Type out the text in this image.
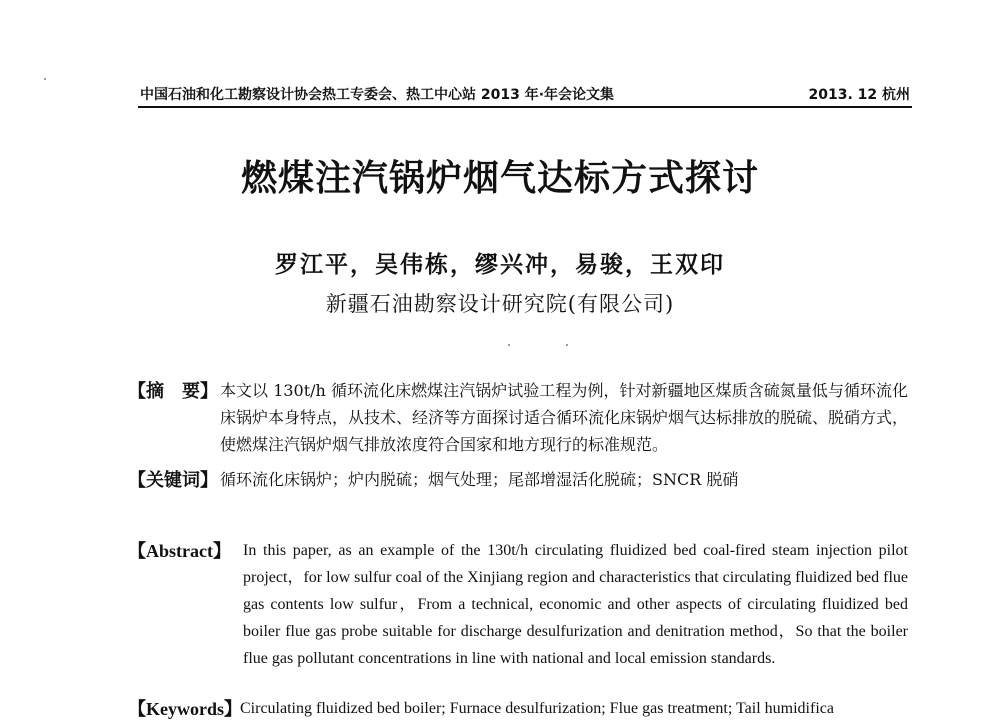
中国石油和化工勘察设计协会热工专委会、热工中心站 2013 年·年会论文集	2013. 12 杭州
燃煤注汽锅炉烟气达标方式探讨
罗江平，吴伟栋，缪兴冲，易骏，王双印
新疆石油勘察设计研究院(有限公司)
【摘　要】 本文以 130t/h 循环流化床燃煤注汽锅炉试验工程为例，针对新疆地区煤质含硫氮量低与循环流化床锅炉本身特点，从技术、经济等方面探讨适合循环流化床锅炉烟气达标排放的脱硫、脱硝方式，使燃煤注汽锅炉烟气排放浓度符合国家和地方现行的标准规范。
【关键词】 循环流化床锅炉；炉内脱硫；烟气处理；尾部增湿活化脱硫；SNCR 脱硝
【Abstract】 In this paper, as an example of the 130t/h circulating fluidized bed coal-fired steam injection pilot project，for low sulfur coal of the Xinjiang region and characteristics that circulating fluidized bed flue gas contents low sulfur，From a technical, economic and other aspects of circulating fluidized bed boiler flue gas probe suitable for discharge desulfurization and denitration method，So that the boiler flue gas pollutant concentrations in line with national and local emission standards.
【Keywords】
Circulating fluidized bed boiler; Furnace desulfurization; Flue gas treatment; Tail humidifica
